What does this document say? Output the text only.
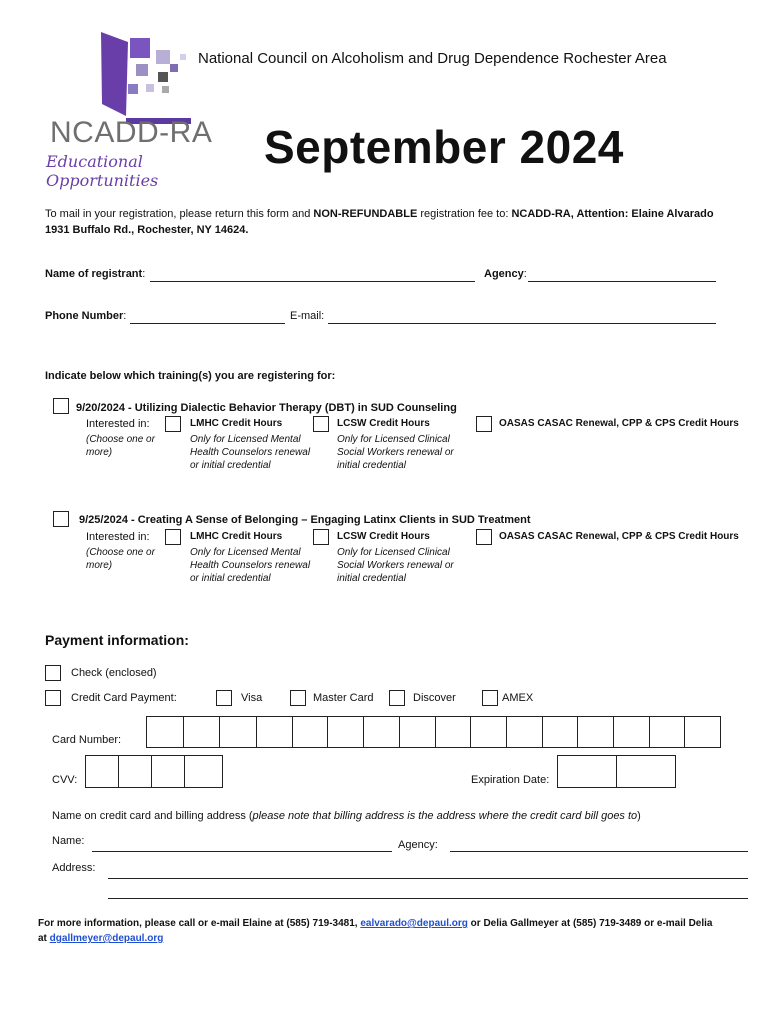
NCADD-RA
Educational Opportunities
National Council on Alcoholism and Drug Dependence Rochester Area
September 2024
To mail in your registration, please return this form and NON-REFUNDABLE registration fee to: NCADD-RA, Attention: Elaine Alvarado
1931 Buffalo Rd., Rochester, NY 14624.
Name of registrant:	Agency:
Phone Number:	E-mail:
Indicate below which training(s) you are registering for:
9/20/2024 - Utilizing Dialectic Behavior Therapy (DBT) in SUD Counseling
Interested in:	LMHC Credit Hours	LCSW Credit Hours	OASAS CASAC Renewal, CPP & CPS Credit Hours
(Choose one or more)
Only for Licensed Mental Health Counselors renewal or initial credential
Only for Licensed Clinical Social Workers renewal or initial credential
9/25/2024 - Creating A Sense of Belonging – Engaging Latinx Clients in SUD Treatment
Interested in:	LMHC Credit Hours	LCSW Credit Hours	OASAS CASAC Renewal, CPP & CPS Credit Hours
(Choose one or more)
Only for Licensed Mental Health Counselors renewal or initial credential
Only for Licensed Clinical Social Workers renewal or initial credential
Payment information:
Check (enclosed)
Credit Card Payment:	Visa	Master Card	Discover	AMEX
Card Number:
CVV:	Expiration Date:
Name on credit card and billing address (please note that billing address is the address where the credit card bill goes to)
Name:	Agency:
Address:
For more information, please call or e-mail Elaine at (585) 719-3481, ealvarado@depaul.org or Delia Gallmeyer at (585) 719-3489 or e-mail Delia
at dgallmeyer@depaul.org
